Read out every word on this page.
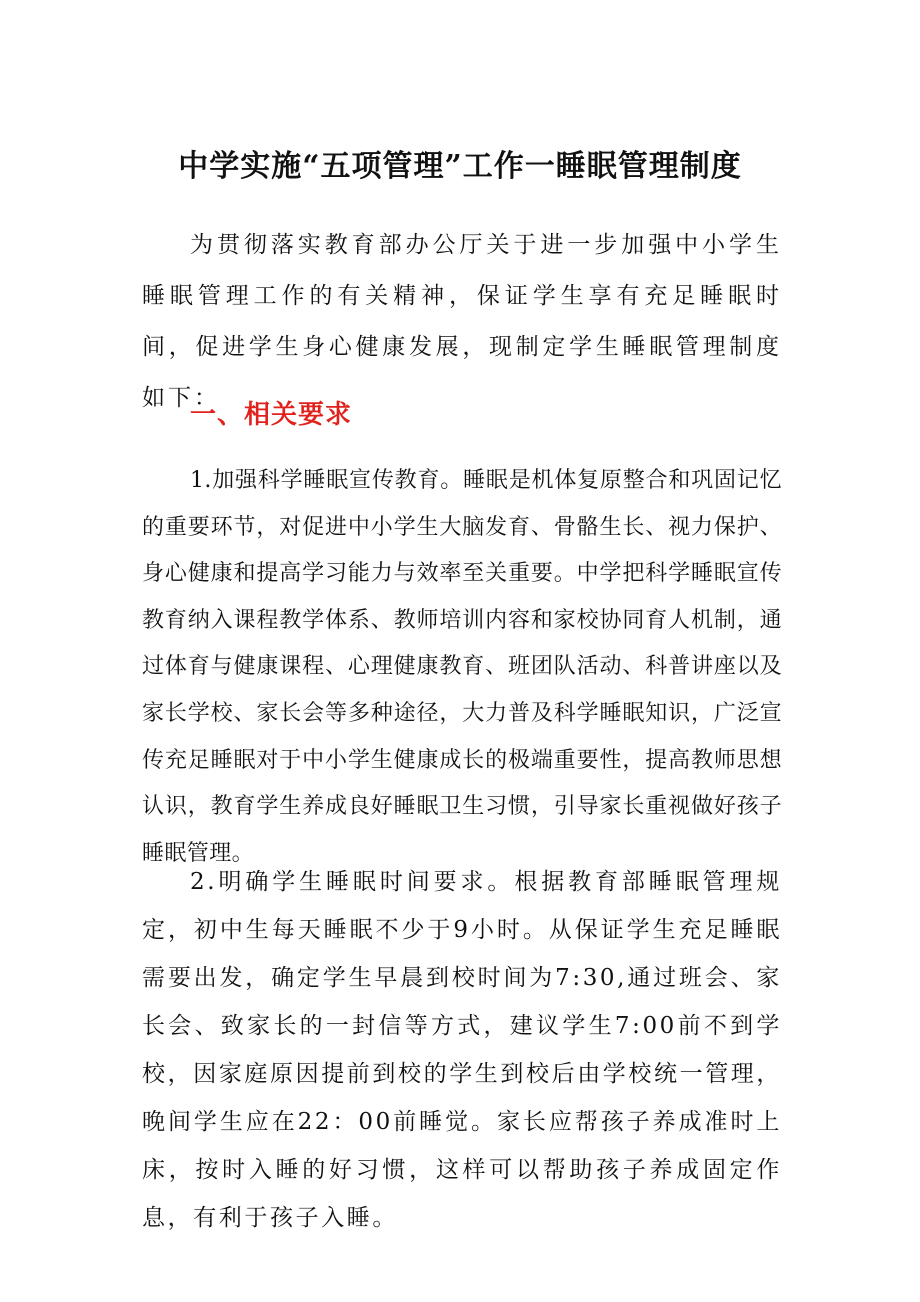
中学实施“五项管理”工作一睡眠管理制度

为贯彻落实教育部办公厅关于进一步加强中小学生睡眠管理工作的有关精神，保证学生享有充足睡眠时间，促进学生身心健康发展，现制定学生睡眠管理制度如下：

一、相关要求

1.加强科学睡眠宣传教育。睡眠是机体复原整合和巩固记忆的重要环节，对促进中小学生大脑发育、骨骼生长、视力保护、身心健康和提高学习能力与效率至关重要。中学把科学睡眠宣传教育纳入课程教学体系、教师培训内容和家校协同育人机制，通过体育与健康课程、心理健康教育、班团队活动、科普讲座以及家长学校、家长会等多种途径，大力普及科学睡眠知识，广泛宣传充足睡眠对于中小学生健康成长的极端重要性，提高教师思想认识，教育学生养成良好睡眠卫生习惯，引导家长重视做好孩子睡眠管理。

2.明确学生睡眠时间要求。根据教育部睡眠管理规定，初中生每天睡眠不少于9小时。从保证学生充足睡眠需要出发，确定学生早晨到校时间为7:30,通过班会、家长会、致家长的一封信等方式，建议学生7:00前不到学校，因家庭原因提前到校的学生到校后由学校统一管理，晚间学生应在22：00前睡觉。家长应帮孩子养成准时上床，按时入睡的好习惯，这样可以帮助孩子养成固定作息，有利于孩子入睡。
